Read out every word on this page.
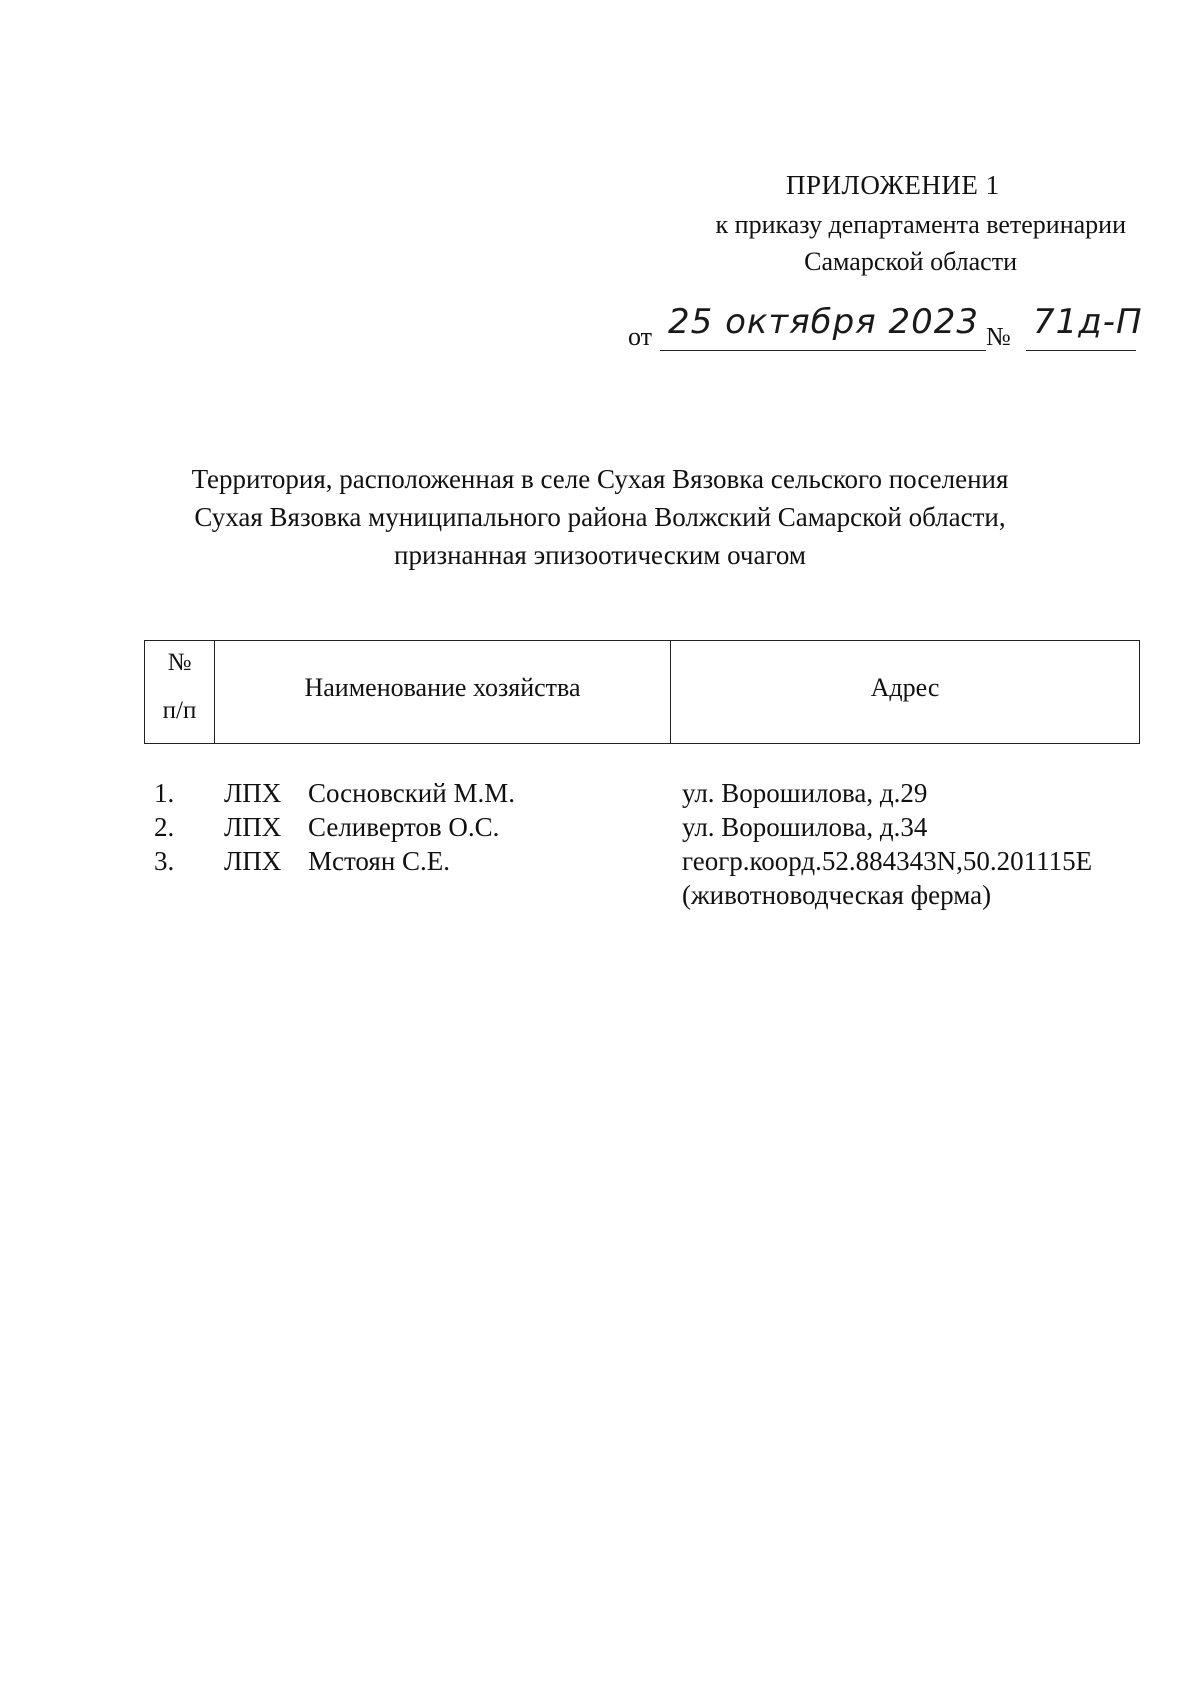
ПРИЛОЖЕНИЕ 1
к приказу департамента ветеринарии
Самарской области
от 25 октября 2023 № 71д-П
Территория, расположенная в селе Сухая Вязовка сельского поселения
Сухая Вязовка муниципального района Волжский Самарской области,
признанная эпизоотическим очагом
№
п/п
Наименование хозяйства	Адрес
1. ЛПХ Сосновский М.М.	ул. Ворошилова, д.29
2. ЛПХ Селивертов О.С.	ул. Ворошилова, д.34
3. ЛПХ Мстоян С.Е.	геогр.коорд.52.884343N,50.201115E
(животноводческая ферма)
